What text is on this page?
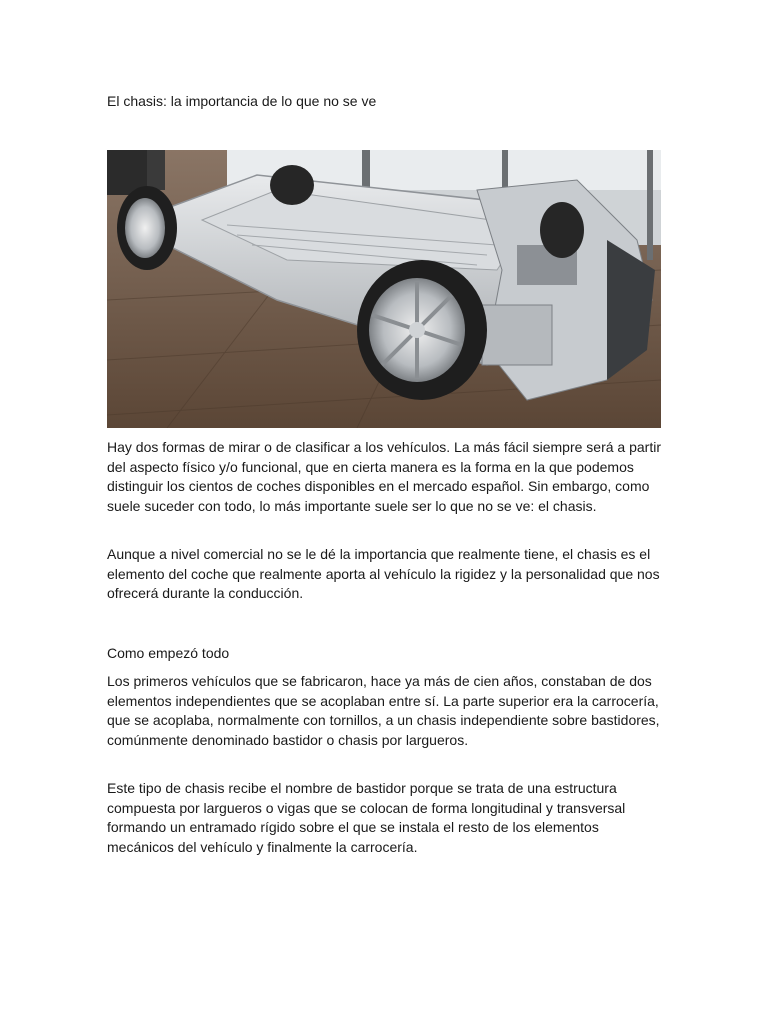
El chasis: la importancia de lo que no se ve

Hay dos formas de mirar o de clasificar a los vehículos. La más fácil siempre será a partir del aspecto físico y/o funcional, que en cierta manera es la forma en la que podemos distinguir los cientos de coches disponibles en el mercado español. Sin embargo, como suele suceder con todo, lo más importante suele ser lo que no se ve: el chasis.

Aunque a nivel comercial no se le dé la importancia que realmente tiene, el chasis es el elemento del coche que realmente aporta al vehículo la rigidez y la personalidad que nos ofrecerá durante la conducción.

Como empezó todo

Los primeros vehículos que se fabricaron, hace ya más de cien años, constaban de dos elementos independientes que se acoplaban entre sí. La parte superior era la carrocería, que se acoplaba, normalmente con tornillos, a un chasis independiente sobre bastidores, comúnmente denominado bastidor o chasis por largueros.

Este tipo de chasis recibe el nombre de bastidor porque se trata de una estructura compuesta por largueros o vigas que se colocan de forma longitudinal y transversal formando un entramado rígido sobre el que se instala el resto de los elementos mecánicos del vehículo y finalmente la carrocería.
